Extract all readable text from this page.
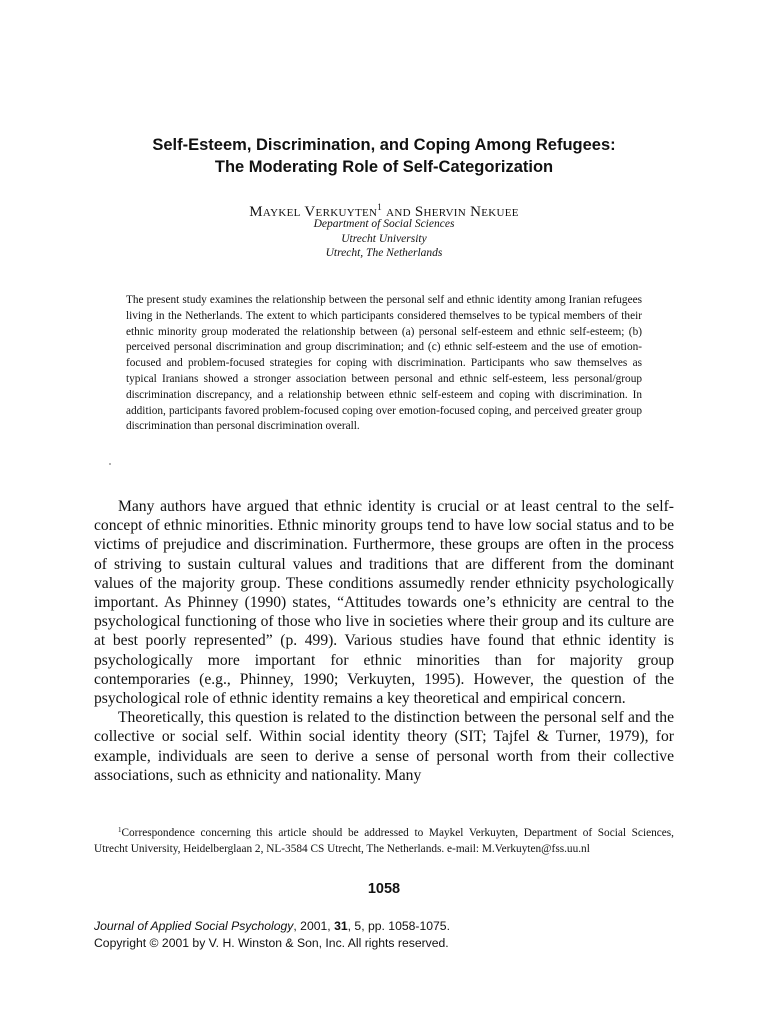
Self-Esteem, Discrimination, and Coping Among Refugees:
The Moderating Role of Self-Categorization
Maykel Verkuyten$^1$ and Shervin Nekuee
Department of Social Sciences
Utrecht University
Utrecht, The Netherlands
The present study examines the relationship between the personal self and ethnic identity among Iranian refugees living in the Netherlands. The extent to which participants considered themselves to be typical members of their ethnic minority group moderated the relationship between (a) personal self-esteem and ethnic self-esteem; (b) perceived personal discrimination and group discrimination; and (c) ethnic self-esteem and the use of emotion-focused and problem-focused strategies for coping with discrimination. Participants who saw themselves as typical Iranians showed a stronger association between personal and ethnic self-esteem, less personal/group discrimination discrepancy, and a relationship between ethnic self-esteem and coping with discrimination. In addition, participants favored problem-focused coping over emotion-focused coping, and perceived greater group discrimination than personal discrimination overall.

Many authors have argued that ethnic identity is crucial or at least central to the self-concept of ethnic minorities. Ethnic minority groups tend to have low social status and to be victims of prejudice and discrimination. Furthermore, these groups are often in the process of striving to sustain cultural values and traditions that are different from the dominant values of the majority group. These conditions assumedly render ethnicity psychologically important. As Phinney (1990) states, “Attitudes towards one’s ethnicity are central to the psychological functioning of those who live in societies where their group and its culture are at best poorly represented” (p. 499). Various studies have found that ethnic identity is psychologically more important for ethnic minorities than for majority group contemporaries (e.g., Phinney, 1990; Verkuyten, 1995). However, the question of the psychological role of ethnic identity remains a key theoretical and empirical concern.

Theoretically, this question is related to the distinction between the personal self and the collective or social self. Within social identity theory (SIT; Tajfel & Turner, 1979), for example, individuals are seen to derive a sense of personal worth from their collective associations, such as ethnicity and nationality. Many

$^1$Correspondence concerning this article should be addressed to Maykel Verkuyten, Department of Social Sciences, Utrecht University, Heidelberglaan 2, NL-3584 CS Utrecht, The Netherlands. e-mail: M.Verkuyten@fss.uu.nl
1058
Journal of Applied Social Psychology, 2001, 31, 5, pp. 1058-1075.
Copyright © 2001 by V. H. Winston & Son, Inc. All rights reserved.
